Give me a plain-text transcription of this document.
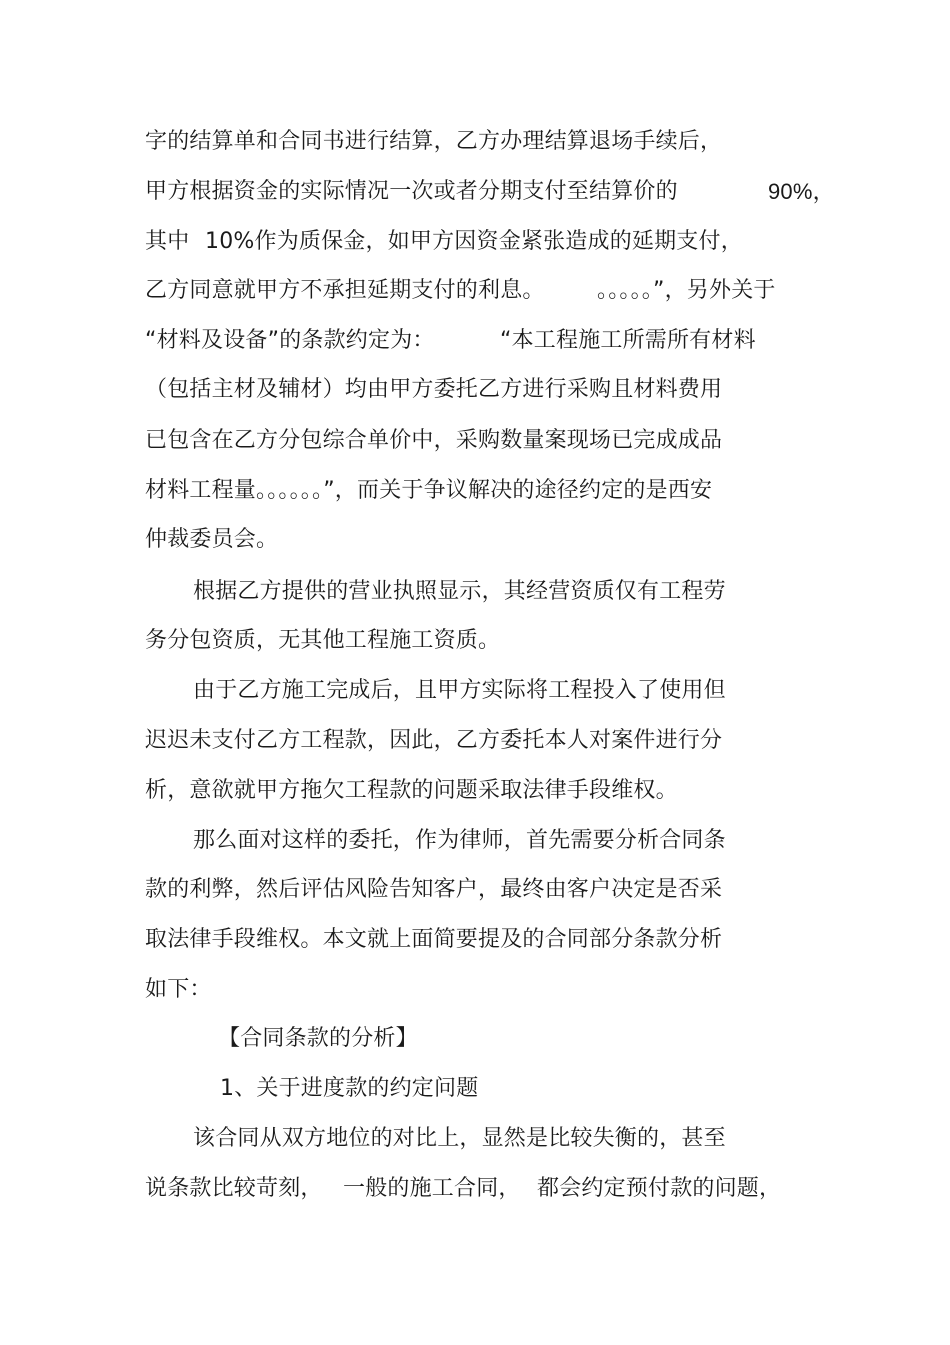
字的结算单和合同书进行结算，乙方办理结算退场手续后，
甲方根据资金的实际情况一次或者分期支付至结算价的	90%，
其中 10%作为质保金，如甲方因资金紧张造成的延期支付，
乙方同意就甲方不承担延期支付的利息。 。。。。。”，另外关于
“材料及设备”的条款约定为：	“本工程施工所需所有材料
（包括主材及辅材）均由甲方委托乙方进行采购且材料费用
已包含在乙方分包综合单价中，采购数量案现场已完成成品
材料工程量。。。。。。”，而关于争议解决的途径约定的是西安
仲裁委员会。
根据乙方提供的营业执照显示，其经营资质仅有工程劳
务分包资质，无其他工程施工资质。
由于乙方施工完成后，且甲方实际将工程投入了使用但
迟迟未支付乙方工程款，因此，乙方委托本人对案件进行分
析，意欲就甲方拖欠工程款的问题采取法律手段维权。
那么面对这样的委托，作为律师，首先需要分析合同条
款的利弊，然后评估风险告知客户，最终由客户决定是否采
取法律手段维权。本文就上面简要提及的合同部分条款分析
如下：
【合同条款的分析】
1、关于进度款的约定问题
该合同从双方地位的对比上，显然是比较失衡的，甚至
说条款比较苛刻， 一般的施工合同， 都会约定预付款的问题，
